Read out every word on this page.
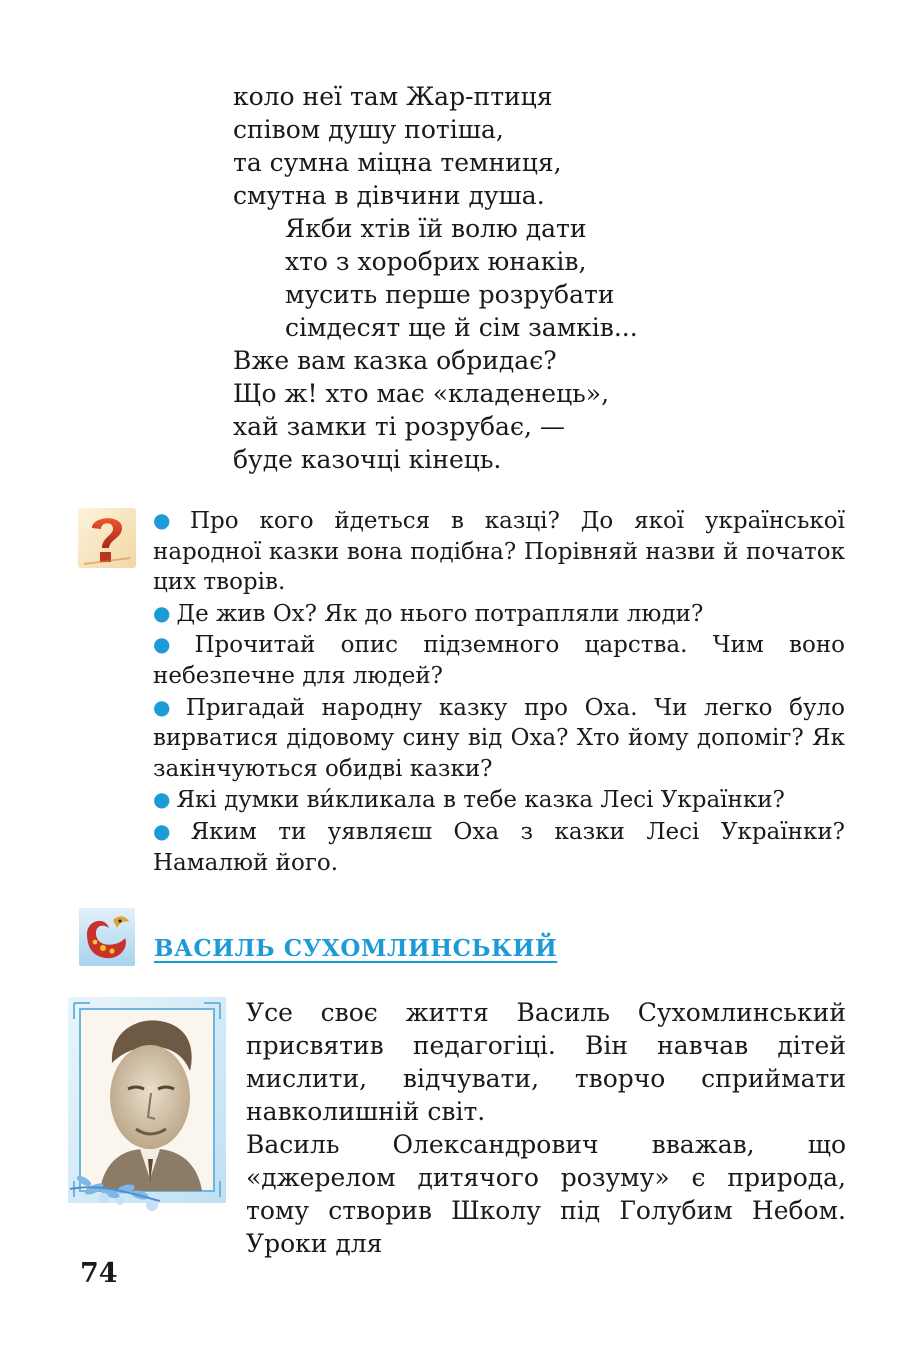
коло неї там Жар-птиця
співом душу потіша,
та сумна міцна темниця,
смутна в дівчини душа.
Якби хтів їй волю дати
хто з хоробрих юнаків,
мусить перше розрубати
сімдесят ще й сім замків...
Вже вам казка обридає?
Що ж! хто має «кладенець»,
хай замки ті розрубає, —
буде казочці кінець.

● Про кого йдеться в казці? До якої української народної казки вона подібна? Порівняй назви й початок цих творів.

● Де жив Ох? Як до нього потрапляли люди?

● Прочитай опис підземного царства. Чим воно небезпечне для людей?

● Пригадай народну казку про Оха. Чи легко було вирватися дідовому сину від Оха? Хто йому допоміг? Як закінчуються обидві казки?

● Які думки ви́кликала в тебе казка Лесі Українки?

● Яким ти уявляєш Оха з казки Лесі Українки? Намалюй його.

ВАСИЛЬ СУХОМЛИНСЬКИЙ

Усе своє життя Василь Сухомлинський присвятив педагогіці. Він навчав дітей мислити, відчувати, творчо сприймати навколишній світ.

Василь Олександрович вважав, що «джерелом дитячого розуму» є природа, тому створив Школу під Голубим Небом. Уроки для

74
